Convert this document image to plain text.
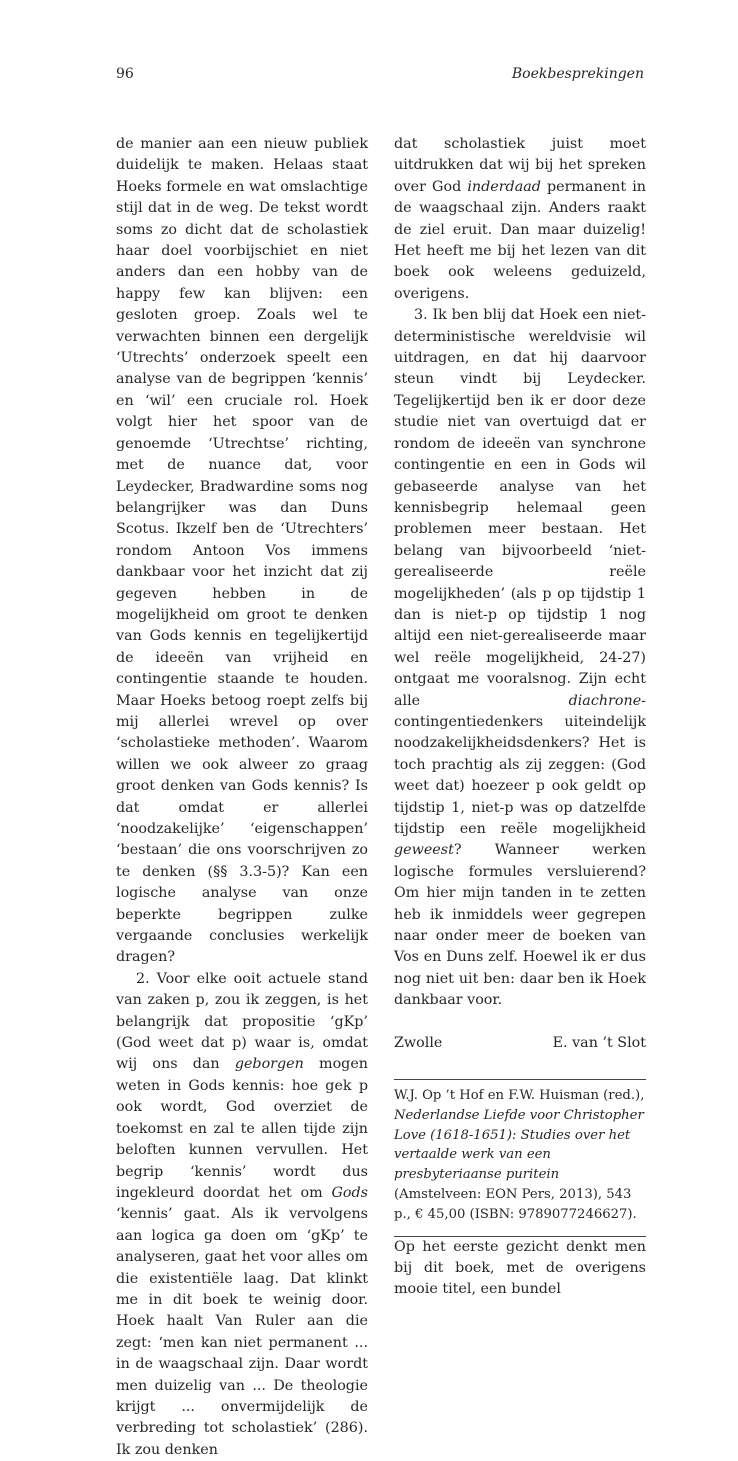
96	Boekbesprekingen

de manier aan een nieuw publiek duidelijk te maken. Helaas staat Hoeks formele en wat omslachtige stijl dat in de weg. De tekst wordt soms zo dicht dat de scholastiek haar doel voorbijschiet en niet anders dan een hobby van de happy few kan blijven: een gesloten groep. Zoals wel te verwachten binnen een dergelijk ‘Utrechts’ onderzoek speelt een analyse van de begrippen ‘kennis’ en ‘wil’ een cruciale rol. Hoek volgt hier het spoor van de genoemde ‘Utrechtse’ richting, met de nuance dat, voor Leydecker, Bradwardine soms nog belangrijker was dan Duns Scotus. Ikzelf ben de ‘Utrechters’ rondom Antoon Vos immens dankbaar voor het inzicht dat zij gegeven hebben in de mogelijkheid om groot te denken van Gods kennis en tegelijkertijd de ideeën van vrijheid en contingentie staande te houden. Maar Hoeks betoog roept zelfs bij mij allerlei wrevel op over ‘scholastieke methoden’. Waarom willen we ook alweer zo graag groot denken van Gods kennis? Is dat omdat er allerlei ‘noodzakelijke’ ‘eigenschappen’ ‘bestaan’ die ons voorschrijven zo te denken (§§ 3.3-5)? Kan een logische analyse van onze beperkte begrippen zulke vergaande conclusies werkelijk dragen?

2. Voor elke ooit actuele stand van zaken p, zou ik zeggen, is het belangrijk dat propositie ‘gKp’ (God weet dat p) waar is, omdat wij ons dan geborgen mogen weten in Gods kennis: hoe gek p ook wordt, God overziet de toekomst en zal te allen tijde zijn beloften kunnen vervullen. Het begrip ‘kennis’ wordt dus ingekleurd doordat het om Gods ‘kennis’ gaat. Als ik vervolgens aan logica ga doen om ‘gKp’ te analyseren, gaat het voor alles om die existentiële laag. Dat klinkt me in dit boek te weinig door. Hoek haalt Van Ruler aan die zegt: ‘men kan niet permanent ... in de waagschaal zijn. Daar wordt men duizelig van ... De theologie krijgt ... onvermijdelijk de verbreding tot scholastiek’ (286). Ik zou denken

dat scholastiek juist moet uitdrukken dat wij bij het spreken over God inderdaad permanent in de waagschaal zijn. Anders raakt de ziel eruit. Dan maar duizelig! Het heeft me bij het lezen van dit boek ook weleens geduizeld, overigens.

3. Ik ben blij dat Hoek een niet-deterministische wereldvisie wil uitdragen, en dat hij daarvoor steun vindt bij Leydecker. Tegelijkertijd ben ik er door deze studie niet van overtuigd dat er rondom de ideeën van synchrone contingentie en een in Gods wil gebaseerde analyse van het kennisbegrip helemaal geen problemen meer bestaan. Het belang van bijvoorbeeld ‘niet-gerealiseerde reële mogelijkheden’ (als p op tijdstip 1 dan is niet-p op tijdstip 1 nog altijd een niet-gerealiseerde maar wel reële mogelijkheid, 24-27) ontgaat me vooralsnog. Zijn echt alle diachrone-contingentiedenkers uiteindelijk noodzakelijkheidsdenkers? Het is toch prachtig als zij zeggen: (God weet dat) hoezeer p ook geldt op tijdstip 1, niet-p was op datzelfde tijdstip een reële mogelijkheid geweest? Wanneer werken logische formules versluierend? Om hier mijn tanden in te zetten heb ik inmiddels weer gegrepen naar onder meer de boeken van Vos en Duns zelf. Hoewel ik er dus nog niet uit ben: daar ben ik Hoek dankbaar voor.

Zwolle	E. van ’t Slot
W.J. Op ’t Hof en F.W. Huisman (red.),
Nederlandse Liefde voor Christopher Love (1618-1651): Studies over het vertaalde werk van een presbyteriaanse puritein (Amstelveen: EON Pers, 2013), 543 p., € 45,00 (ISBN: 9789077246627).

Op het eerste gezicht denkt men bij dit boek, met de overigens mooie titel, een bundel
